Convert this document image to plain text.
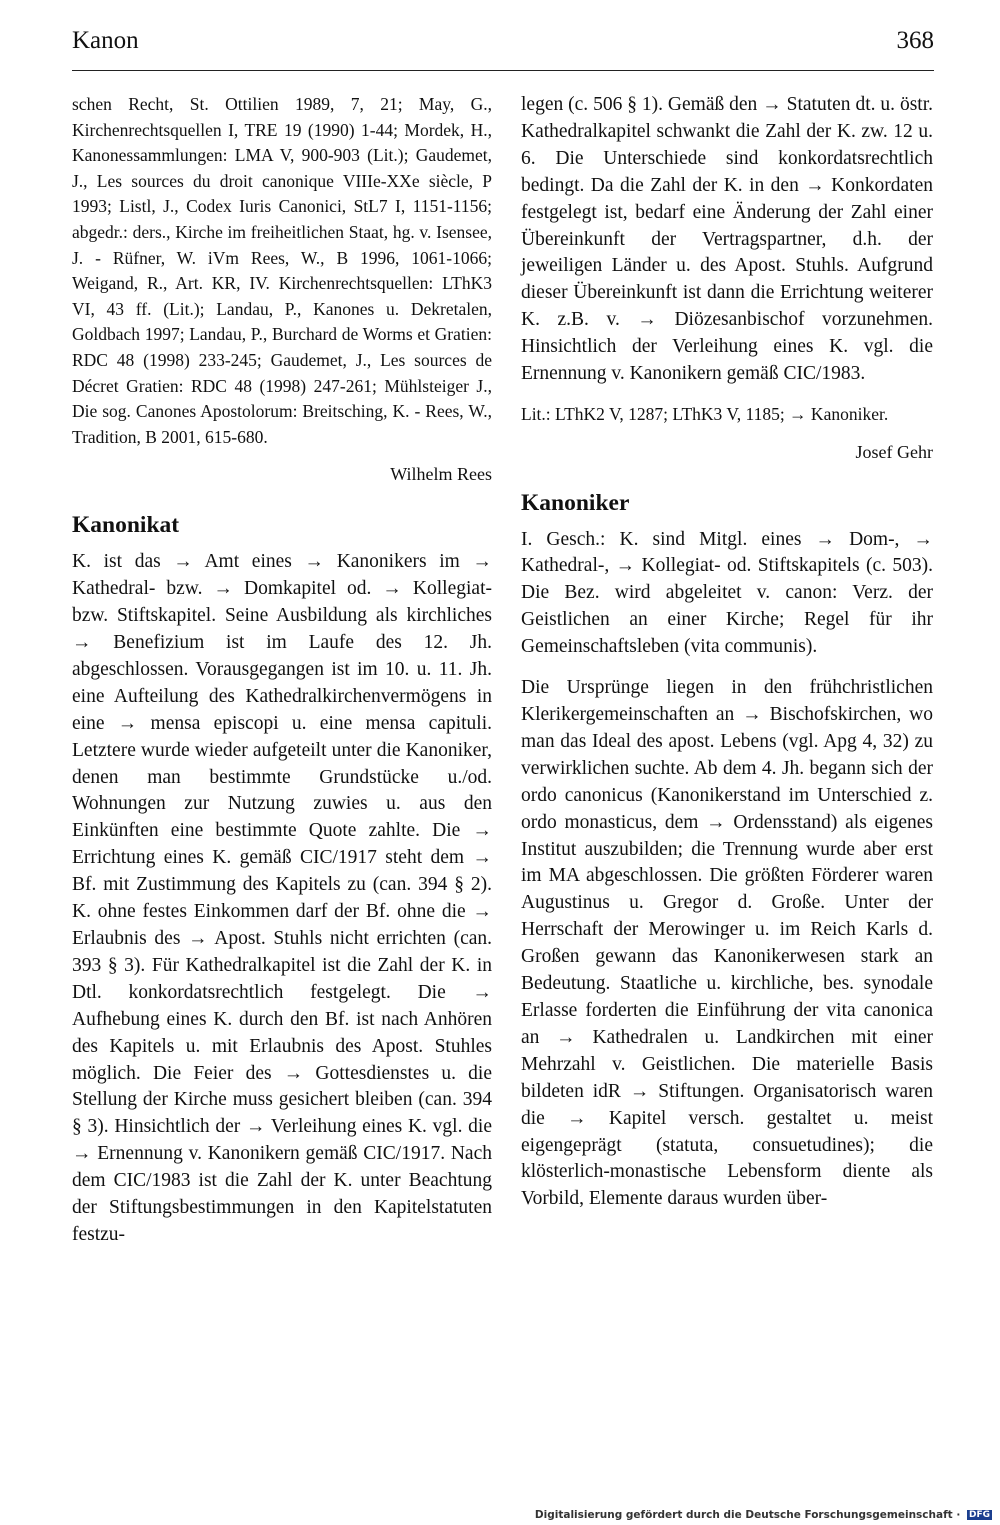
Kanon	368

schen Recht, St. Ottilien 1989, 7, 21; May, G., Kirchenrechtsquellen I, TRE 19 (1990) 1-44; Mordek, H., Kanonessammlungen: LMA V, 900-903 (Lit.); Gaudemet, J., Les sources du droit canonique VIIIe-XXe siècle, P 1993; Listl, J., Codex Iuris Canonici, StL7 I, 1151-1156; abgedr.: ders., Kirche im freiheitlichen Staat, hg. v. Isensee, J. - Rüfner, W. iVm Rees, W., B 1996, 1061-1066; Weigand, R., Art. KR, IV. Kirchenrechtsquellen: LThK3 VI, 43 ff. (Lit.); Landau, P., Kanones u. Dekretalen, Goldbach 1997; Landau, P., Burchard de Worms et Gratien: RDC 48 (1998) 233-245; Gaudemet, J., Les sources de Décret Gratien: RDC 48 (1998) 247-261; Mühlsteiger J., Die sog. Canones Apostolorum: Breitsching, K. - Rees, W., Tradition, B 2001, 615-680.

Wilhelm Rees
Kanonikat

K. ist das → Amt eines → Kanonikers im → Kathedral- bzw. → Domkapitel od. → Kollegiat- bzw. Stiftskapitel. Seine Ausbildung als kirchliches → Benefizium ist im Laufe des 12. Jh. abgeschlossen. Vorausgegangen ist im 10. u. 11. Jh. eine Aufteilung des Kathedralkirchenvermögens in eine → mensa episcopi u. eine mensa capituli. Letztere wurde wieder aufgeteilt unter die Kanoniker, denen man bestimmte Grundstücke u./od. Wohnungen zur Nutzung zuwies u. aus den Einkünften eine bestimmte Quote zahlte. Die → Errichtung eines K. gemäß CIC/1917 steht dem → Bf. mit Zustimmung des Kapitels zu (can. 394 § 2). K. ohne festes Einkommen darf der Bf. ohne die → Erlaubnis des → Apost. Stuhls nicht errichten (can. 393 § 3). Für Kathedralkapitel ist die Zahl der K. in Dtl. konkordatsrechtlich festgelegt. Die → Aufhebung eines K. durch den Bf. ist nach Anhören des Kapitels u. mit Erlaubnis des Apost. Stuhles möglich. Die Feier des → Gottesdienstes u. die Stellung der Kirche muss gesichert bleiben (can. 394 § 3). Hinsichtlich der → Verleihung eines K. vgl. die → Ernennung v. Kanonikern gemäß CIC/1917. Nach dem CIC/1983 ist die Zahl der K. unter Beachtung der Stiftungsbestimmungen in den Kapitelstatuten festzu-

legen (c. 506 § 1). Gemäß den → Statuten dt. u. östr. Kathedralkapitel schwankt die Zahl der K. zw. 12 u. 6. Die Unterschiede sind konkordatsrechtlich bedingt. Da die Zahl der K. in den → Konkordaten festgelegt ist, bedarf eine Änderung der Zahl einer Übereinkunft der Vertragspartner, d.h. der jeweiligen Länder u. des Apost. Stuhls. Aufgrund dieser Übereinkunft ist dann die Errichtung weiterer K. z.B. v. → Diözesanbischof vorzunehmen. Hinsichtlich der Verleihung eines K. vgl. die Ernennung v. Kanonikern gemäß CIC/1983.

Lit.: LThK2 V, 1287; LThK3 V, 1185; → Kanoniker.

Josef Gehr
Kanoniker

I. Gesch.: K. sind Mitgl. eines → Dom-, → Kathedral-, → Kollegiat- od. Stiftskapitels (c. 503). Die Bez. wird abgeleitet v. canon: Verz. der Geistlichen an einer Kirche; Regel für ihr Gemeinschaftsleben (vita communis).

Die Ursprünge liegen in den frühchristlichen Klerikergemeinschaften an → Bischofskirchen, wo man das Ideal des apost. Lebens (vgl. Apg 4, 32) zu verwirklichen suchte. Ab dem 4. Jh. begann sich der ordo canonicus (Kanonikerstand im Unterschied z. ordo monasticus, dem → Ordensstand) als eigenes Institut auszubilden; die Trennung wurde aber erst im MA abgeschlossen. Die größten Förderer waren Augustinus u. Gregor d. Große. Unter der Herrschaft der Merowinger u. im Reich Karls d. Großen gewann das Kanonikerwesen stark an Bedeutung. Staatliche u. kirchliche, bes. synodale Erlasse forderten die Einführung der vita canonica an → Kathedralen u. Landkirchen mit einer Mehrzahl v. Geistlichen. Die materielle Basis bildeten idR → Stiftungen. Organisatorisch waren die → Kapitel versch. gestaltet u. meist eigengeprägt (statuta, consuetudines); die klösterlich-monastische Lebensform diente als Vorbild, Elemente daraus wurden über-

Digitalisierung gefördert durch die Deutsche Forschungsgemeinschaft · DFG
